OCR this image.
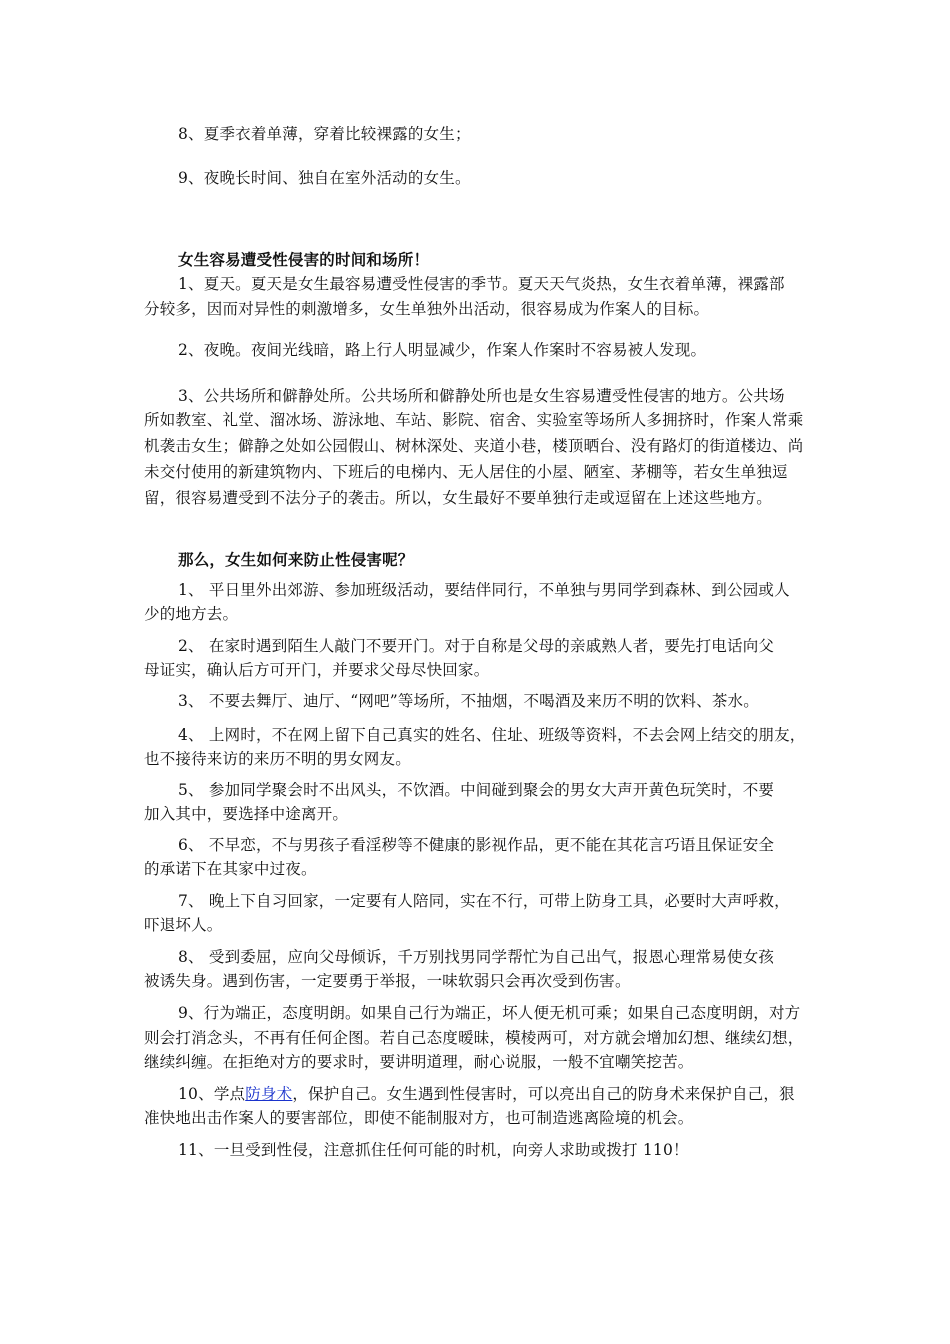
8、夏季衣着单薄，穿着比较裸露的女生；
9、夜晚长时间、独自在室外活动的女生。
女生容易遭受性侵害的时间和场所！
1、夏天。夏天是女生最容易遭受性侵害的季节。夏天天气炎热，女生衣着单薄，裸露部
分较多，因而对异性的刺激增多，女生单独外出活动，很容易成为作案人的目标。
2、夜晚。夜间光线暗，路上行人明显减少，作案人作案时不容易被人发现。
3、公共场所和僻静处所。公共场所和僻静处所也是女生容易遭受性侵害的地方。公共场
所如教室、礼堂、溜冰场、游泳地、车站、影院、宿舍、实验室等场所人多拥挤时，作案人常乘
机袭击女生；僻静之处如公园假山、树林深处、夹道小巷，楼顶晒台、没有路灯的街道楼边、尚
未交付使用的新建筑物内、下班后的电梯内、无人居住的小屋、陋室、茅棚等，若女生单独逗
留，很容易遭受到不法分子的袭击。所以，女生最好不要单独行走或逗留在上述这些地方。
那么，女生如何来防止性侵害呢？
1、 平日里外出郊游、参加班级活动，要结伴同行，不单独与男同学到森林、到公园或人
少的地方去。
2、 在家时遇到陌生人敲门不要开门。对于自称是父母的亲戚熟人者，要先打电话向父
母证实，确认后方可开门，并要求父母尽快回家。
3、 不要去舞厅、迪厅、“网吧”等场所，不抽烟，不喝酒及来历不明的饮料、茶水。
4、 上网时，不在网上留下自己真实的姓名、住址、班级等资料，不去会网上结交的朋友，
也不接待来访的来历不明的男女网友。
5、 参加同学聚会时不出风头，不饮酒。中间碰到聚会的男女大声开黄色玩笑时，不要
加入其中，要选择中途离开。
6、 不早恋，不与男孩子看淫秽等不健康的影视作品，更不能在其花言巧语且保证安全
的承诺下在其家中过夜。
7、 晚上下自习回家，一定要有人陪同，实在不行，可带上防身工具，必要时大声呼救，
吓退坏人。
8、 受到委屈，应向父母倾诉，千万别找男同学帮忙为自己出气，报恩心理常易使女孩
被诱失身。遇到伤害，一定要勇于举报，一味软弱只会再次受到伤害。
9、行为端正，态度明朗。如果自己行为端正，坏人便无机可乘；如果自己态度明朗，对方
则会打消念头，不再有任何企图。若自己态度暧昧，模棱两可，对方就会增加幻想、继续幻想，
继续纠缠。在拒绝对方的要求时，要讲明道理，耐心说服，一般不宜嘲笑挖苦。
10、学点防身术，保护自己。女生遇到性侵害时，可以亮出自己的防身术来保护自己，狠
准快地出击作案人的要害部位，即使不能制服对方，也可制造逃离险境的机会。
11、一旦受到性侵，注意抓住任何可能的时机，向旁人求助或拨打 110！
